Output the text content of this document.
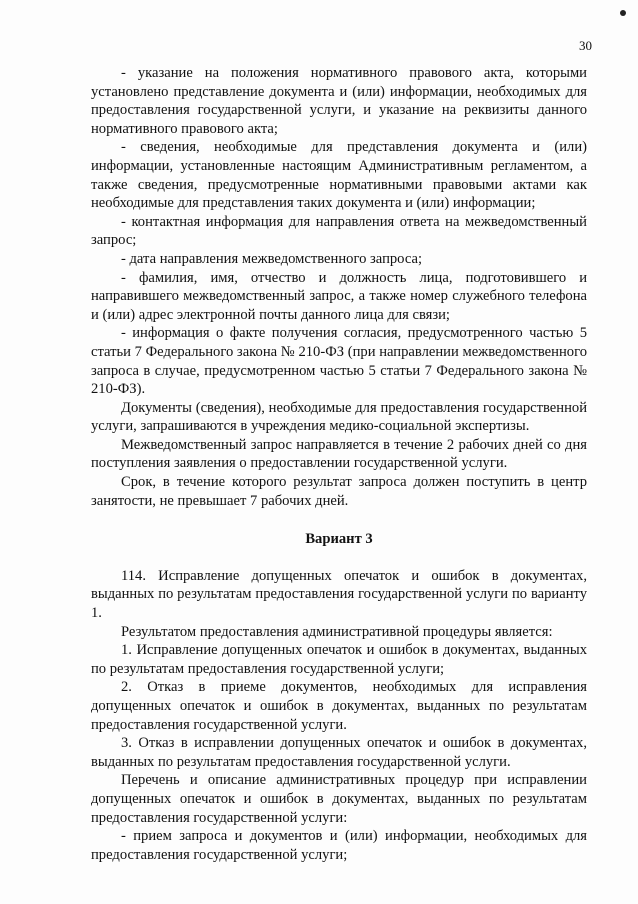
30

- указание на положения нормативного правового акта, которыми установлено представление документа и (или) информации, необходимых для предоставления государственной услуги, и указание на реквизиты данного нормативного правового акта;

- сведения, необходимые для представления документа и (или) информации, установленные настоящим Административным регламентом, а также сведения, предусмотренные нормативными правовыми актами как необходимые для представления таких документа и (или) информации;

- контактная информация для направления ответа на межведомственный запрос;

- дата направления межведомственного запроса;

- фамилия, имя, отчество и должность лица, подготовившего и направившего межведомственный запрос, а также номер служебного телефона и (или) адрес электронной почты данного лица для связи;

- информация о факте получения согласия, предусмотренного частью 5 статьи 7 Федерального закона № 210-ФЗ (при направлении межведомственного запроса в случае, предусмотренном частью 5 статьи 7 Федерального закона № 210-ФЗ).

Документы (сведения), необходимые для предоставления государственной услуги, запрашиваются в учреждения медико-социальной экспертизы.

Межведомственный запрос направляется в течение 2 рабочих дней со дня поступления заявления о предоставлении государственной услуги.

Срок, в течение которого результат запроса должен поступить в центр занятости, не превышает 7 рабочих дней.

Вариант 3

114. Исправление допущенных опечаток и ошибок в документах, выданных по результатам предоставления государственной услуги по варианту 1.

Результатом предоставления административной процедуры является:

1. Исправление допущенных опечаток и ошибок в документах, выданных по результатам предоставления государственной услуги;

2. Отказ в приеме документов, необходимых для исправления допущенных опечаток и ошибок в документах, выданных по результатам предоставления государственной услуги.

3. Отказ в исправлении допущенных опечаток и ошибок в документах, выданных по результатам предоставления государственной услуги.

Перечень и описание административных процедур при исправлении допущенных опечаток и ошибок в документах, выданных по результатам предоставления государственной услуги:

- прием запроса и документов и (или) информации, необходимых для предоставления государственной услуги;
